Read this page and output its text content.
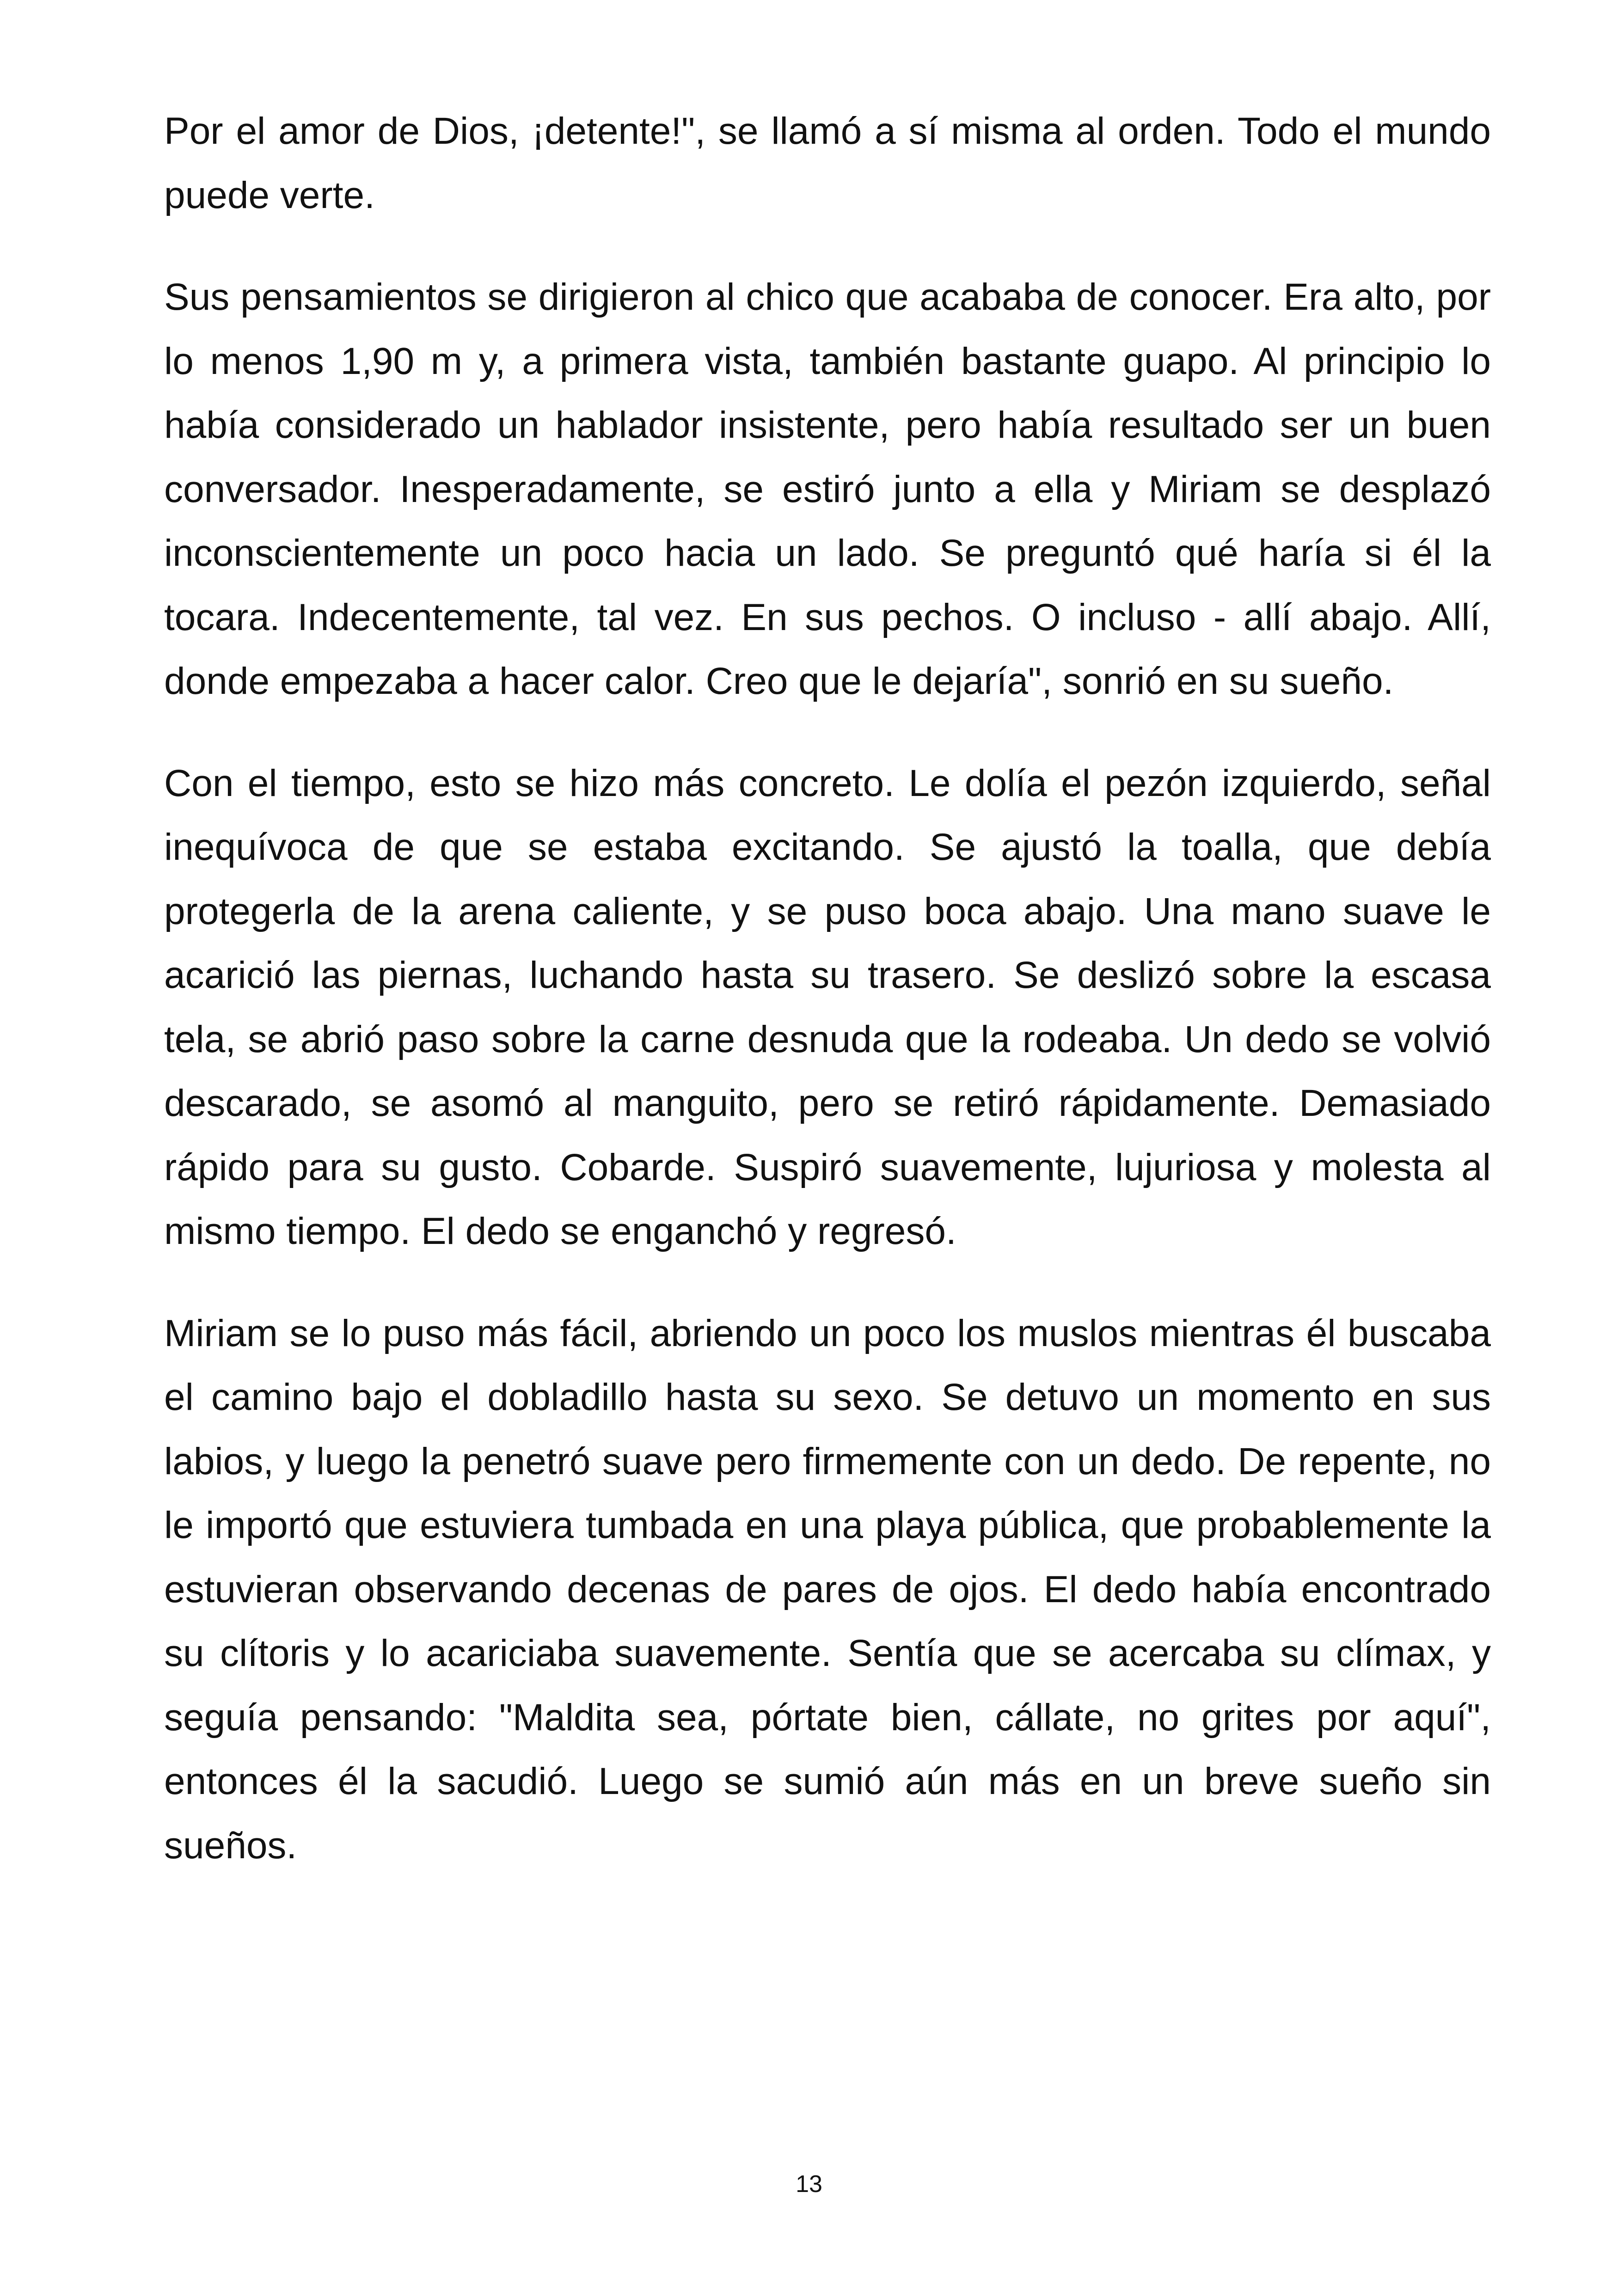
Por el amor de Dios, ¡detente!", se llamó a sí misma al orden. Todo el mundo puede verte.

Sus pensamientos se dirigieron al chico que acababa de conocer. Era alto, por lo menos 1,90 m y, a primera vista, también bastante guapo. Al principio lo había considerado un hablador insistente, pero había resultado ser un buen conversador. Inesperadamente, se estiró junto a ella y Miriam se desplazó inconscientemente un poco hacia un lado. Se preguntó qué haría si él la tocara. Indecentemente, tal vez. En sus pechos. O incluso - allí abajo. Allí, donde empezaba a hacer calor. Creo que le dejaría", sonrió en su sueño.

Con el tiempo, esto se hizo más concreto. Le dolía el pezón izquierdo, señal inequívoca de que se estaba excitando. Se ajustó la toalla, que debía protegerla de la arena caliente, y se puso boca abajo. Una mano suave le acarició las piernas, luchando hasta su trasero. Se deslizó sobre la escasa tela, se abrió paso sobre la carne desnuda que la rodeaba. Un dedo se volvió descarado, se asomó al manguito, pero se retiró rápidamente. Demasiado rápido para su gusto. Cobarde. Suspiró suavemente, lujuriosa y molesta al mismo tiempo. El dedo se enganchó y regresó.

Miriam se lo puso más fácil, abriendo un poco los muslos mientras él buscaba el camino bajo el dobladillo hasta su sexo. Se detuvo un momento en sus labios, y luego la penetró suave pero firmemente con un dedo. De repente, no le importó que estuviera tumbada en una playa pública, que probablemente la estuvieran observando decenas de pares de ojos. El dedo había encontrado su clítoris y lo acariciaba suavemente. Sentía que se acercaba su clímax, y seguía pensando: "Maldita sea, pórtate bien, cállate, no grites por aquí", entonces él la sacudió. Luego se sumió aún más en un breve sueño sin sueños.

13
